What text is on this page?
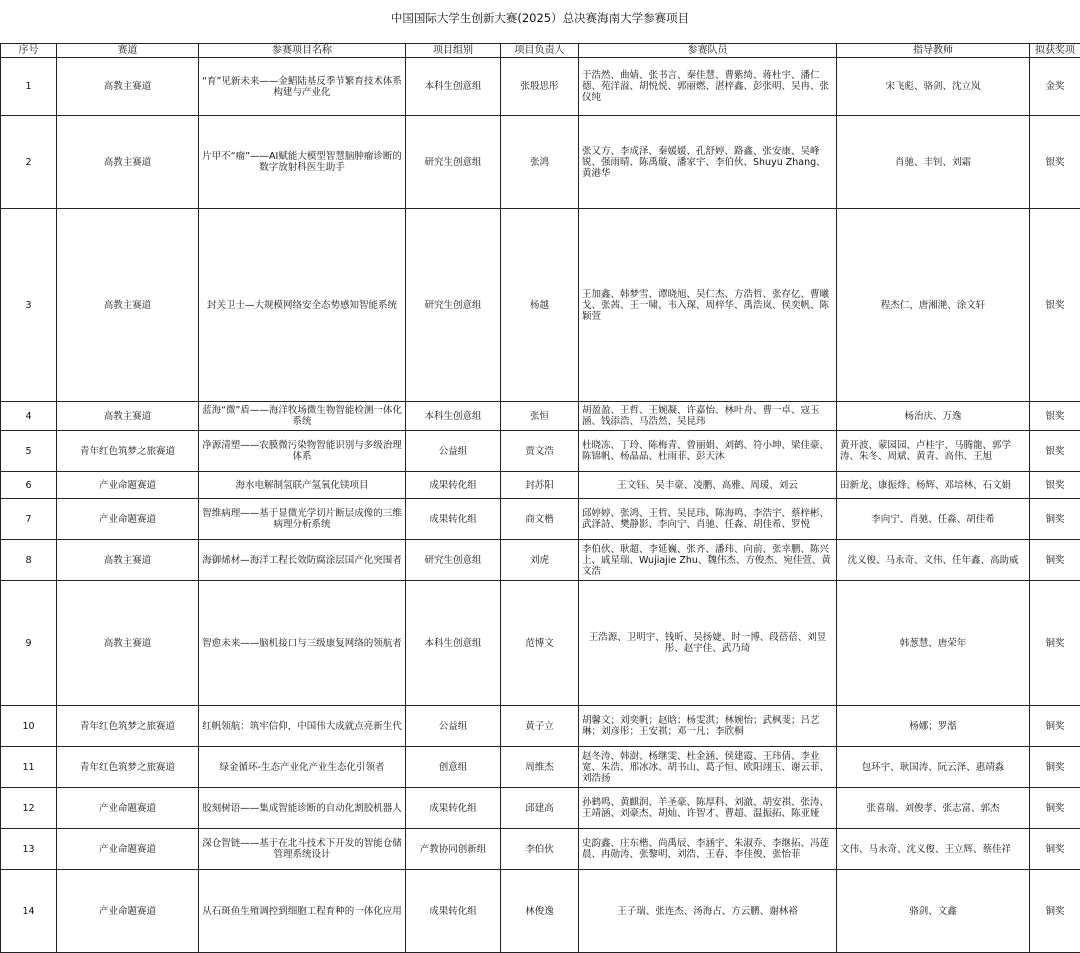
中国国际大学生创新大赛(2025）总决赛海南大学参赛项目
序号	赛道	参赛项目名称	项目组别	项目负责人	参赛队员	指导教师	拟获奖项
1	高教主赛道	“育”见新未来——金鲳陆基反季节繁育技术体系构建与产业化	本科生创意组	张殷思彤	于浩然、曲婧、张书言、秦佳慧、曹紫绮、蒋杜宇、潘仁德、苑洋溢、胡悦悦、郭丽燃、湛梓鑫、彭张明、吴冉、张仪纯	宋飞彪、骆剑、沈立岚	金奖
2	高教主赛道	片甲不“瘤”——AI赋能大模型智慧脑肿瘤诊断的数字放射科医生助手	研究生创意组	张鸿	张又方、李成泽、秦媛媛、孔舒婷、路鑫、张安康、吴峰锐、强雨晴、陈禹璇、潘家宇、李伯伙、Shuyu Zhang、黄港华	肖驰、丰钊、刘霜	银奖
3	高教主赛道	封关卫士—大规模网络安全态势感知智能系统	研究生创意组	杨越	王加鑫、韩梦雪、谭晓旭、吴仁杰、方浩哲、张存亿、曹曦戈、张茜、王一啸、韦入琛、周梓华、禹浩岚、侯奕帆、陈颖萱	程杰仁、唐湘滟、涂文轩	银奖
4	高教主赛道	蓝海“微”盾——海洋牧场微生物智能检测一体化系统	本科生创意组	张恒	胡盈盈、王哲、王婉凝、许嘉怡、林叶舟、曹一卓、寇玉涵、钱添浩、马浩然、吴昆玮	杨治庆、万逸	银奖
5	青年红色筑梦之旅赛道	净源清塑——农膜微污染物智能识别与多级治理体系	公益组	贾文浩	杜晓冻、丁玲、陈梅青、曾丽娟、刘鹤、符小坤、梁佳豪、陈锦帆、杨晶晶、杜雨菲、彭天沐	黄开波、蒙园园、卢桂宇、马腾龍、郭学涛、朱冬、周斌、黄青、高伟、王旭	银奖
6	产业命题赛道	海水电解制氢联产氢氧化镁项目	成果转化组	封苏阳	王文钰、吴丰豪、凌鹏、高雅、周瑗、刘云	田新龙、康振烽、杨辉、邓培林、石文娟	银奖
7	产业命题赛道	智维病理——基于显微光学切片断层成像的三维病理分析系统	成果转化组	商文楷	邱婷婷、张鸿、王哲、吴昆玮、陈海鸣、李浩宇、蔡梓彬、武泽詩、樊静影、李向宁、肖驰、任淼、胡佳希、罗悦	李向宁、肖驰、任淼、胡佳希	铜奖
8	高教主赛道	海御烯材—海洋工程长效防腐涂层国产化突围者	研究生创意组	刘虎	李伯伙、耿超、李延巍、张齐、潘玮、向前、张幸鹏、陈兴上、戚星瑞、Wujiajie Zhu、魏伟杰、方俊杰、宛佳萱、黄文浩	沈义俊、马永奇、文伟、任年鑫、高助威	铜奖
9	高教主赛道	智愈未来——脑机接口与三级康复网络的领航者	本科生创意组	范博文	王浩源、卫明宇、钱昕、吴扬婕、时一博、段蓓蓓、刘昱彤、赵宇佳、武乃琦	韩葱慧、唐荣年	铜奖
10	青年红色筑梦之旅赛道	红帆领航：筑牢信仰，中国伟大成就点亮新生代	公益组	黄子立	胡馨文；刘奕帆；赵晗；杨雯淇；林婉怡；武枫斐；吕艺琳；刘彦彤；王安祺；邓一凡；李欣桐	杨娜；罗湉	铜奖
11	青年红色筑梦之旅赛道	绿金循环-生态产业化产业生态化引领者	创意组	周维杰	赵冬涛、韩澍、杨继雯、杜金涵、侯建霞、王玮倩、李业宽、朱浩、邢冰冰、胡书山、葛子恒、欧阳翊玉、谢云菲、刘浩扬	包环宇、耿国涛、阮云泽、惠靖淼	铜奖
12	产业命题赛道	胶刻树语——集成智能诊断的自动化割胶机器人	成果转化组	邱建高	孙鹤鸣、黄麒润、羊圣豪、陈厚科、刘澈、胡安祺、张涛、王靖涵、刘豪杰、胡灿、许智才、曹超、温振拓、陈亚娅	张喜瑞、刘俊孝、张志富、郭杰	铜奖
13	产业命题赛道	深仓智链——基于在北斗技术下开发的智能仓储管理系统设计	产教协同创新组	李伯伙	史韵鑫、庄东楷、尚禹辰、李涵宇、朱淑乔、李继拓、冯莲晨、冉勋涛、张黎明、刘浩、王春、李佳俊、张怡菲	文伟、马永奇、沈义俊、王立辉、蔡佳祥	铜奖
14	产业命题赛道	从石斑鱼生殖调控到细胞工程育种的一体化应用	成果转化组	林俊逸	王子瑞、张连杰、汤海占、方云鹏、谢林裕	骆剑、文鑫	铜奖
